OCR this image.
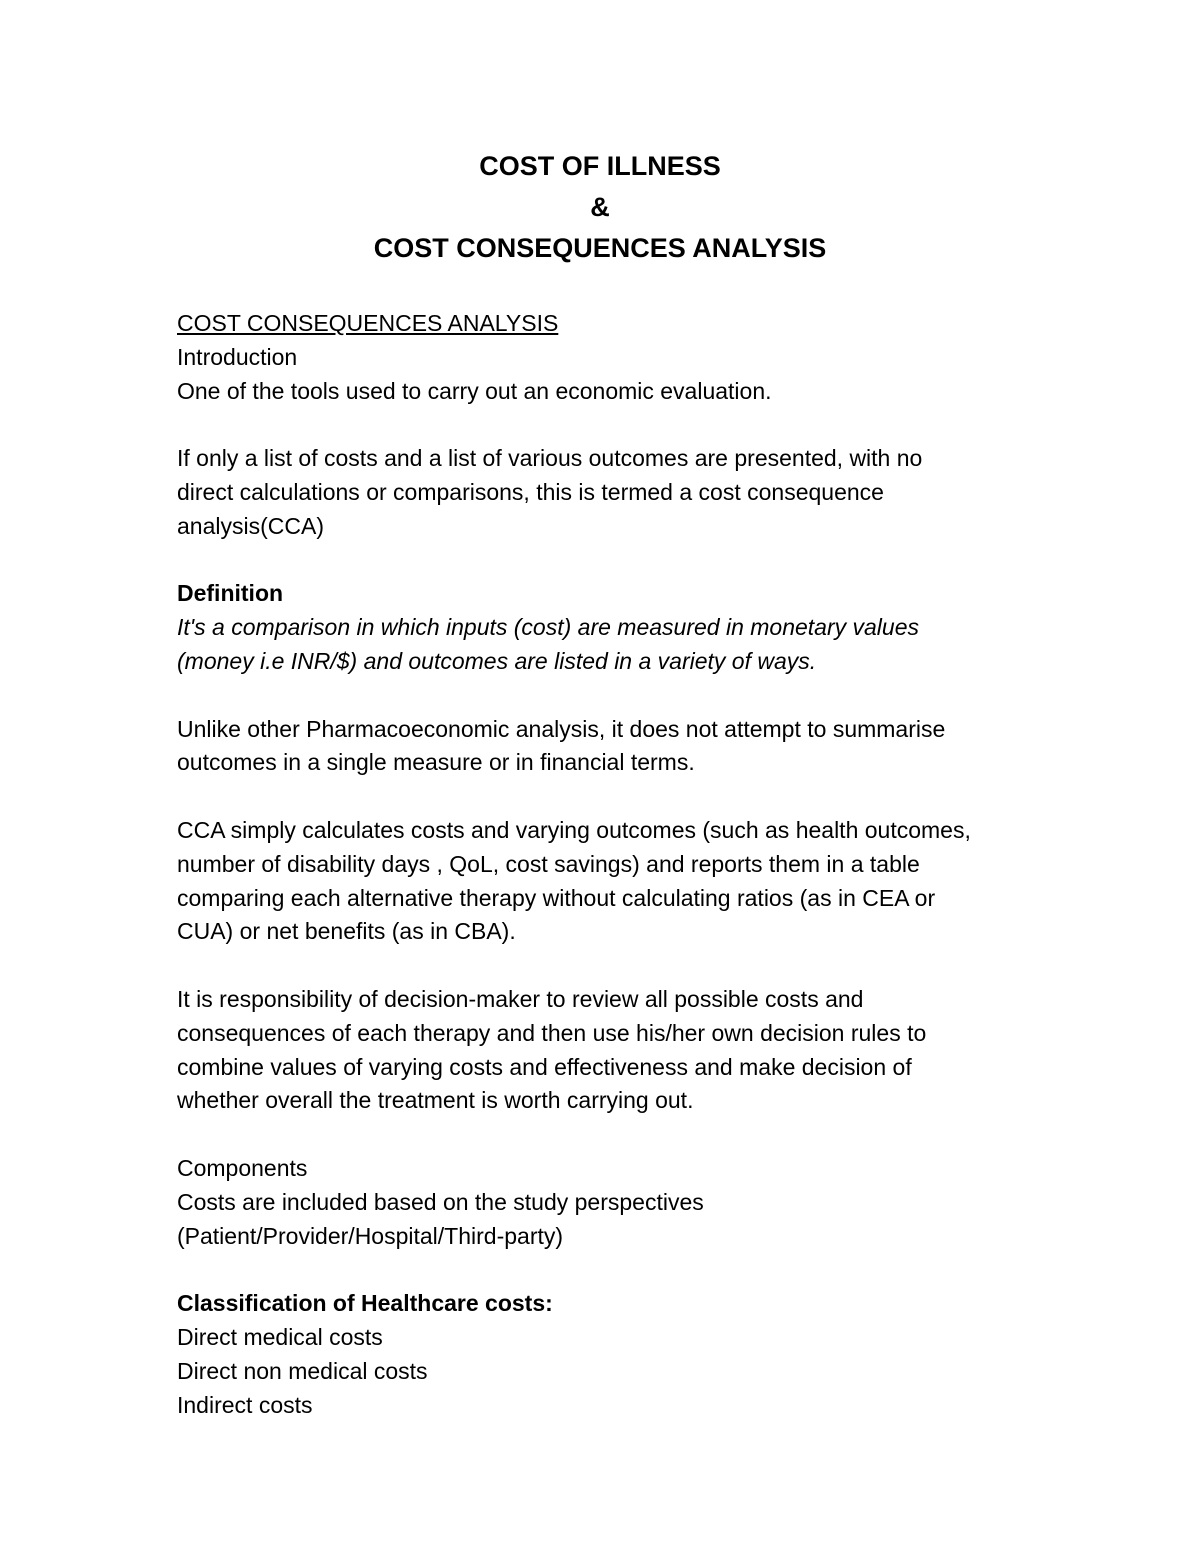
COST OF ILLNESS
&
COST CONSEQUENCES ANALYSIS
COST CONSEQUENCES ANALYSIS
Introduction
One of the tools used to carry out an economic evaluation.
If only a list of costs and a list of various outcomes are presented, with no
direct calculations or comparisons, this is termed a cost consequence
analysis(CCA)
Definition
It's a comparison in which inputs (cost) are measured in monetary values
(money i.e INR/$) and outcomes are listed in a variety of ways.
Unlike other Pharmacoeconomic analysis, it does not attempt to summarise
outcomes in a single measure or in financial terms.
CCA simply calculates costs and varying outcomes (such as health outcomes,
number of disability days , QoL, cost savings) and reports them in a table
comparing each alternative therapy without calculating ratios (as in CEA or
CUA) or net benefits (as in CBA).
It is responsibility of decision-maker to review all possible costs and
consequences of each therapy and then use his/her own decision rules to
combine values of varying costs and effectiveness and make decision of
whether overall the treatment is worth carrying out.
Components
Costs are included based on the study perspectives
(Patient/Provider/Hospital/Third-party)
Classification of Healthcare costs:
Direct medical costs
Direct non medical costs
Indirect costs
